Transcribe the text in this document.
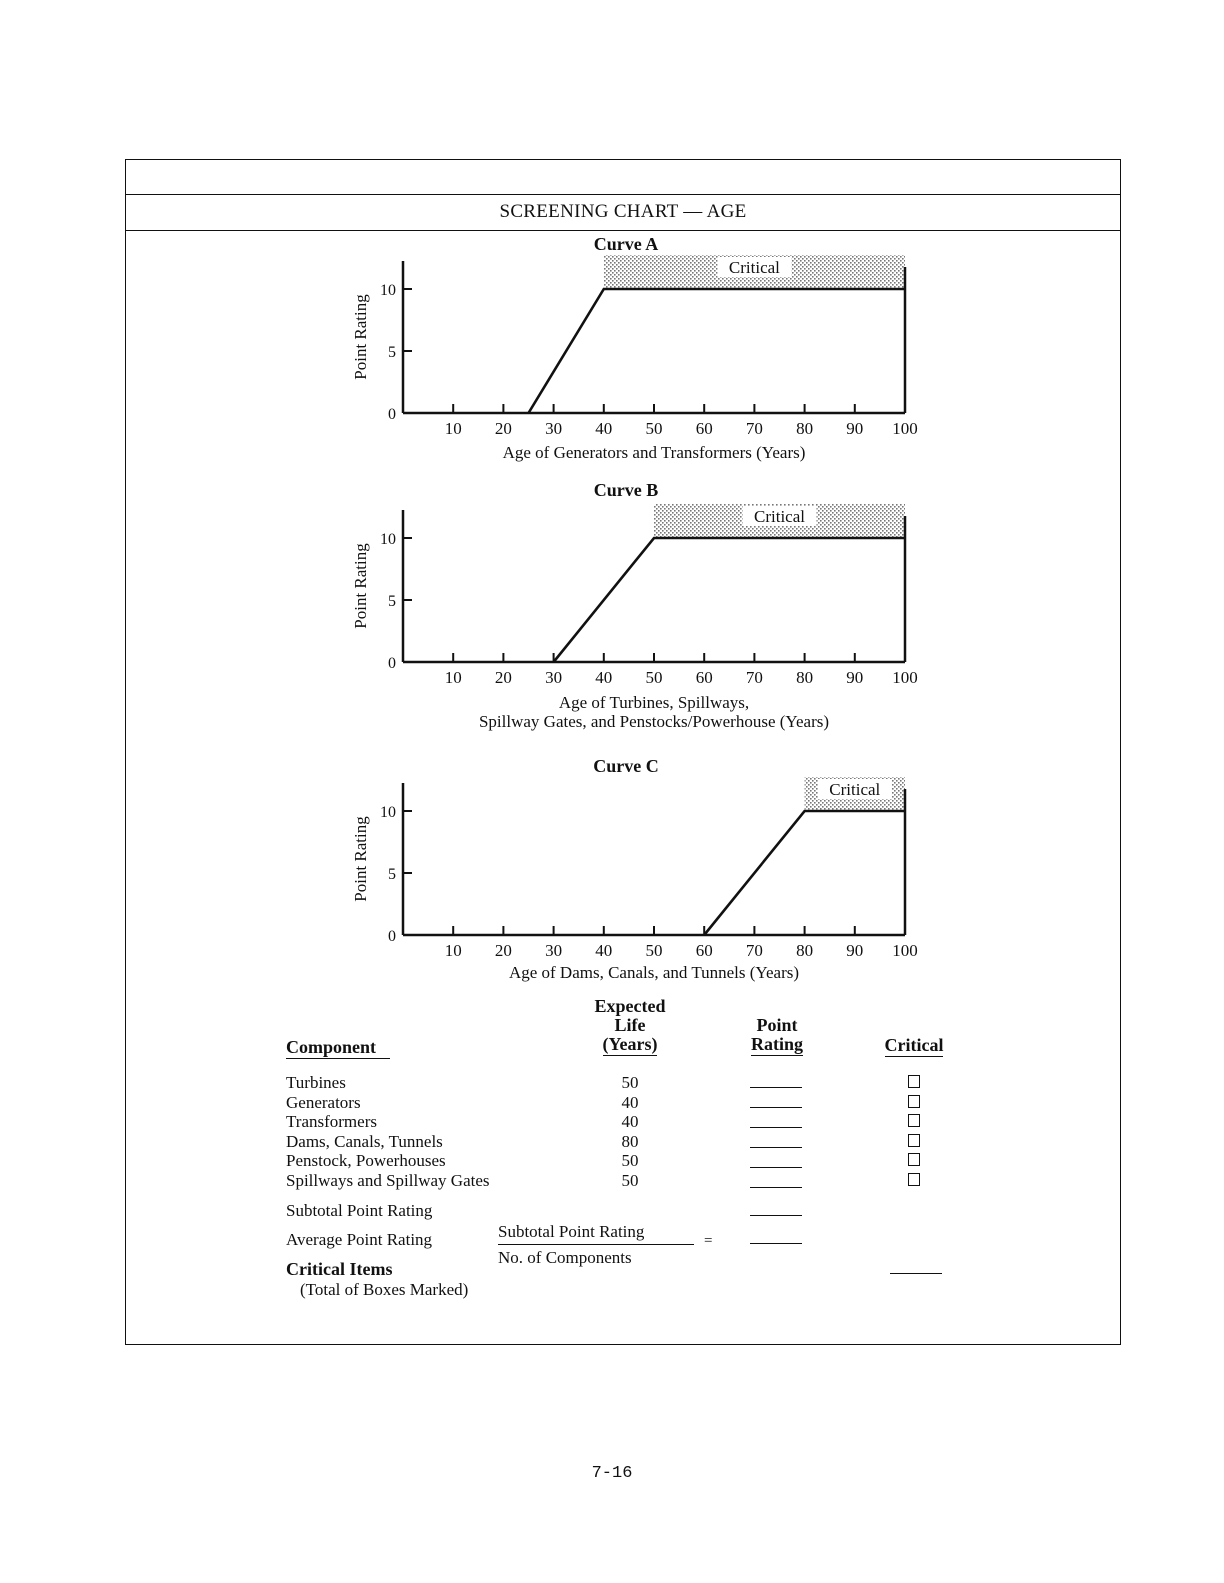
SCREENING CHART — AGE
Curve A
Critical
0
5
10
10 20 30 40 50 60 70 80 90 100
Point Rating
Age of Generators and Transformers (Years)
Curve B
Critical
0
5
10
10 20 30 40 50 60 70 80 90 100
Point Rating
Age of Turbines, Spillways,
Spillway Gates, and Penstocks/Powerhouse (Years)
Curve C
Critical
0
5
10
10 20 30 40 50 60 70 80 90 100
Point Rating
Age of Dams, Canals, and Tunnels (Years)
Component
Expected
Life
(Years)
Point
Rating	Critical
Turbines	50
Generators	40
Transformers	40
Dams, Canals, Tunnels	80
Penstock, Powerhouses	50
Spillways and Spillway Gates	50
Subtotal Point Rating
Average Point Rating	Subtotal Point Rating
No. of Components
=
Critical Items
(Total of Boxes Marked)
7-16
